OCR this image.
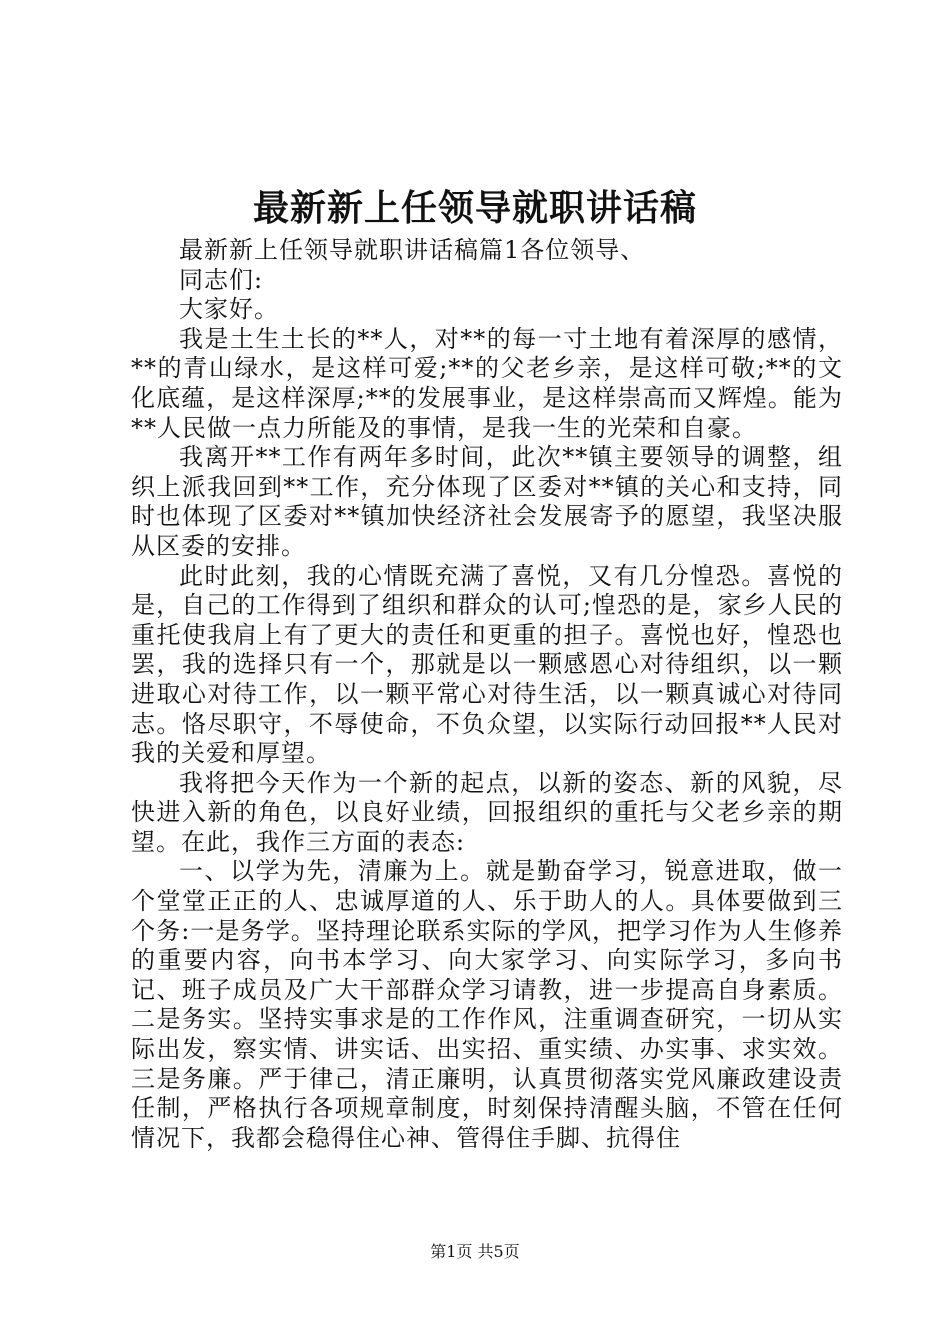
最新新上任领导就职讲话稿

最新新上任领导就职讲话稿篇1各位领导、

同志们:

大家好。

我是土生土长的**人，对**的每一寸土地有着深厚的感情，**的青山绿水，是这样可爱;**的父老乡亲，是这样可敬;**的文化底蕴，是这样深厚;**的发展事业，是这样崇高而又辉煌。能为**人民做一点力所能及的事情，是我一生的光荣和自豪。

我离开**工作有两年多时间，此次**镇主要领导的调整，组织上派我回到**工作，充分体现了区委对**镇的关心和支持，同时也体现了区委对**镇加快经济社会发展寄予的愿望，我坚决服从区委的安排。

此时此刻，我的心情既充满了喜悦，又有几分惶恐。喜悦的是，自己的工作得到了组织和群众的认可;惶恐的是，家乡人民的重托使我肩上有了更大的责任和更重的担子。喜悦也好，惶恐也罢，我的选择只有一个，那就是以一颗感恩心对待组织，以一颗进取心对待工作，以一颗平常心对待生活，以一颗真诚心对待同志。恪尽职守，不辱使命，不负众望，以实际行动回报**人民对我的关爱和厚望。

我将把今天作为一个新的起点，以新的姿态、新的风貌，尽快进入新的角色，以良好业绩，回报组织的重托与父老乡亲的期望。在此，我作三方面的表态:

一、以学为先，清廉为上。就是勤奋学习，锐意进取，做一个堂堂正正的人、忠诚厚道的人、乐于助人的人。具体要做到三个务:一是务学。坚持理论联系实际的学风，把学习作为人生修养的重要内容，向书本学习、向大家学习、向实际学习，多向书记、班子成员及广大干部群众学习请教，进一步提高自身素质。二是务实。坚持实事求是的工作作风，注重调查研究，一切从实际出发，察实情、讲实话、出实招、重实绩、办实事、求实效。三是务廉。严于律己，清正廉明，认真贯彻落实党风廉政建设责任制，严格执行各项规章制度，时刻保持清醒头脑，不管在任何情况下，我都会稳得住心神、管得住手脚、抗得住

第1页 共5页
